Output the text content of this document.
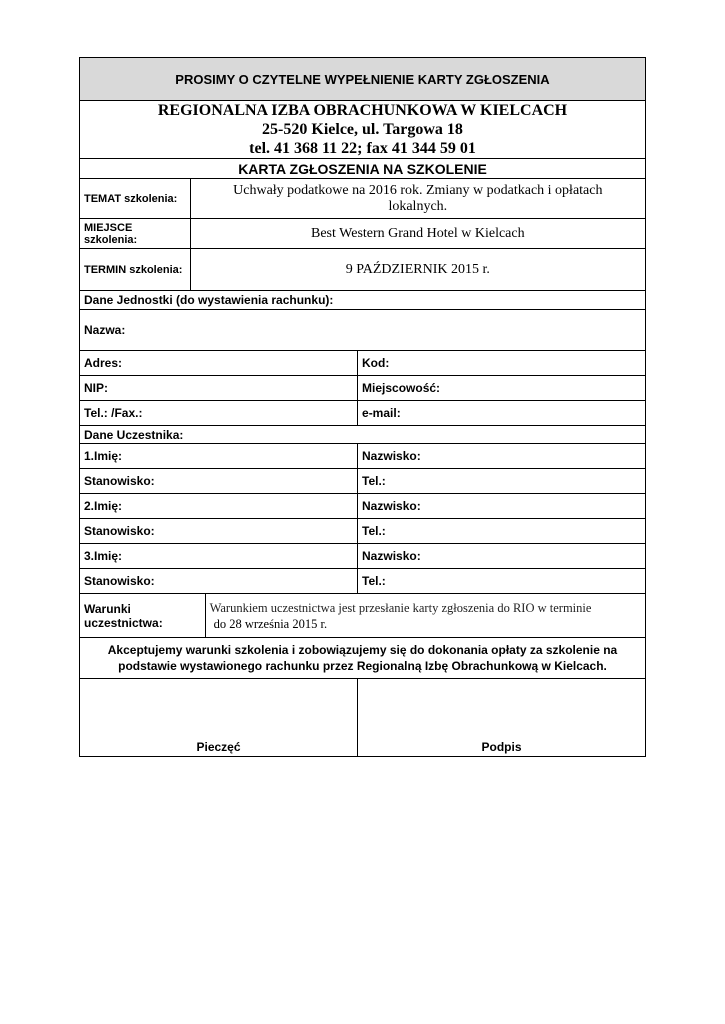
PROSIMY O CZYTELNE WYPEŁNIENIE KARTY ZGŁOSZENIA
REGIONALNA IZBA OBRACHUNKOWA W KIELCACH
25-520 Kielce, ul. Targowa 18
tel. 41 368 11 22; fax 41 344 59 01
KARTA ZGŁOSZENIA NA SZKOLENIE
TEMAT szkolenia:
Uchwały podatkowe na 2016 rok. Zmiany w podatkach i opłatach
lokalnych.
MIEJSCE
szkolenia:	Best Western Grand Hotel w Kielcach
TERMIN szkolenia:	9 PAŹDZIERNIK 2015 r.
Dane Jednostki (do wystawienia rachunku):
Nazwa:
Adres:	Kod:
NIP:	Miejscowość:
Tel.: /Fax.:	e-mail:
Dane Uczestnika:
1.Imię:	Nazwisko:
Stanowisko:	Tel.:
2.Imię:	Nazwisko:
Stanowisko:	Tel.:
3.Imię:	Nazwisko:
Stanowisko:	Tel.:
Warunki
uczestnictwa:
Warunkiem uczestnictwa jest przesłanie karty zgłoszenia do RIO w terminie
do 28 września 2015 r.
Akceptujemy warunki szkolenia i zobowiązujemy się do dokonania opłaty za szkolenie na
podstawie wystawionego rachunku przez Regionalną Izbę Obrachunkową w Kielcach.
Pieczęć	Podpis
